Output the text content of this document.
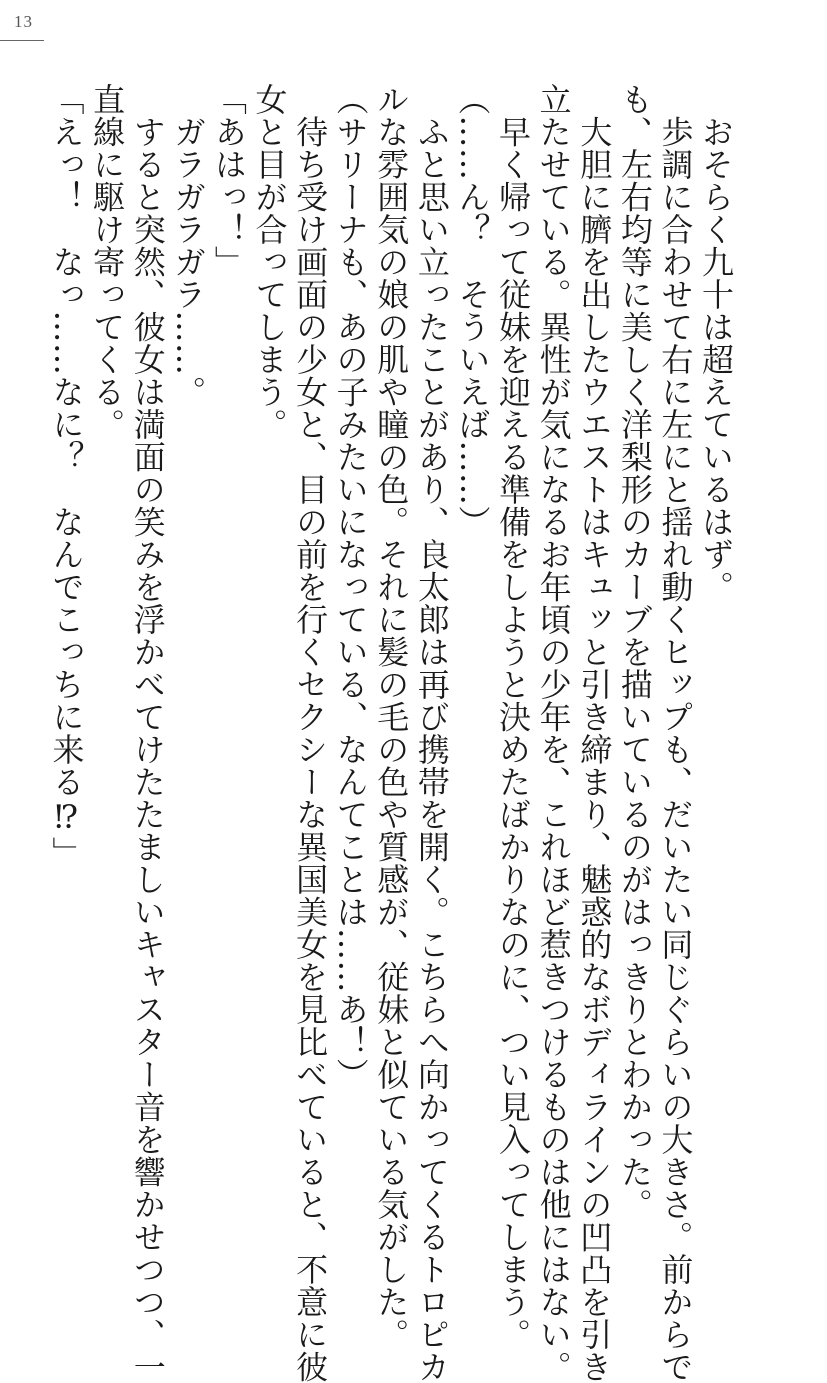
13
　おそらく九十は超えているはず。
　歩調に合わせて右に左にと揺れ動くヒップも、だいたい同じぐらいの大きさ。前からで
も、左右均等に美しく洋梨形のカーブを描いているのがはっきりとわかった。
　大胆に臍を出したウエストはキュッと引き締まり、魅惑的なボディラインの凹凸を引き
立たせている。異性が気になるお年頃の少年を、これほど惹きつけるものは他にはない。
　早く帰って従妹を迎える準備をしようと決めたばかりなのに、つい見入ってしまう。
（……ん？　そういえば……）
　ふと思い立ったことがあり、良太郎は再び携帯を開く。こちらへ向かってくるトロピカ
ルな雰囲気の娘の肌や瞳の色。それに髪の毛の色や質感が、従妹と似ている気がした。
（サリーナも、あの子みたいになっている、なんてことは……あ！）
　待ち受け画面の少女と、目の前を行くセクシーな異国美女を見比べていると、不意に彼
女と目が合ってしまう。
「あはっ！」
　ガラガラガラ……。
　すると突然、彼女は満面の笑みを浮かべてけたたましいキャスター音を響かせつつ、一
直線に駆け寄ってくる。
「えっ！　なっ……なに？　なんでこっちに来る⁉」
